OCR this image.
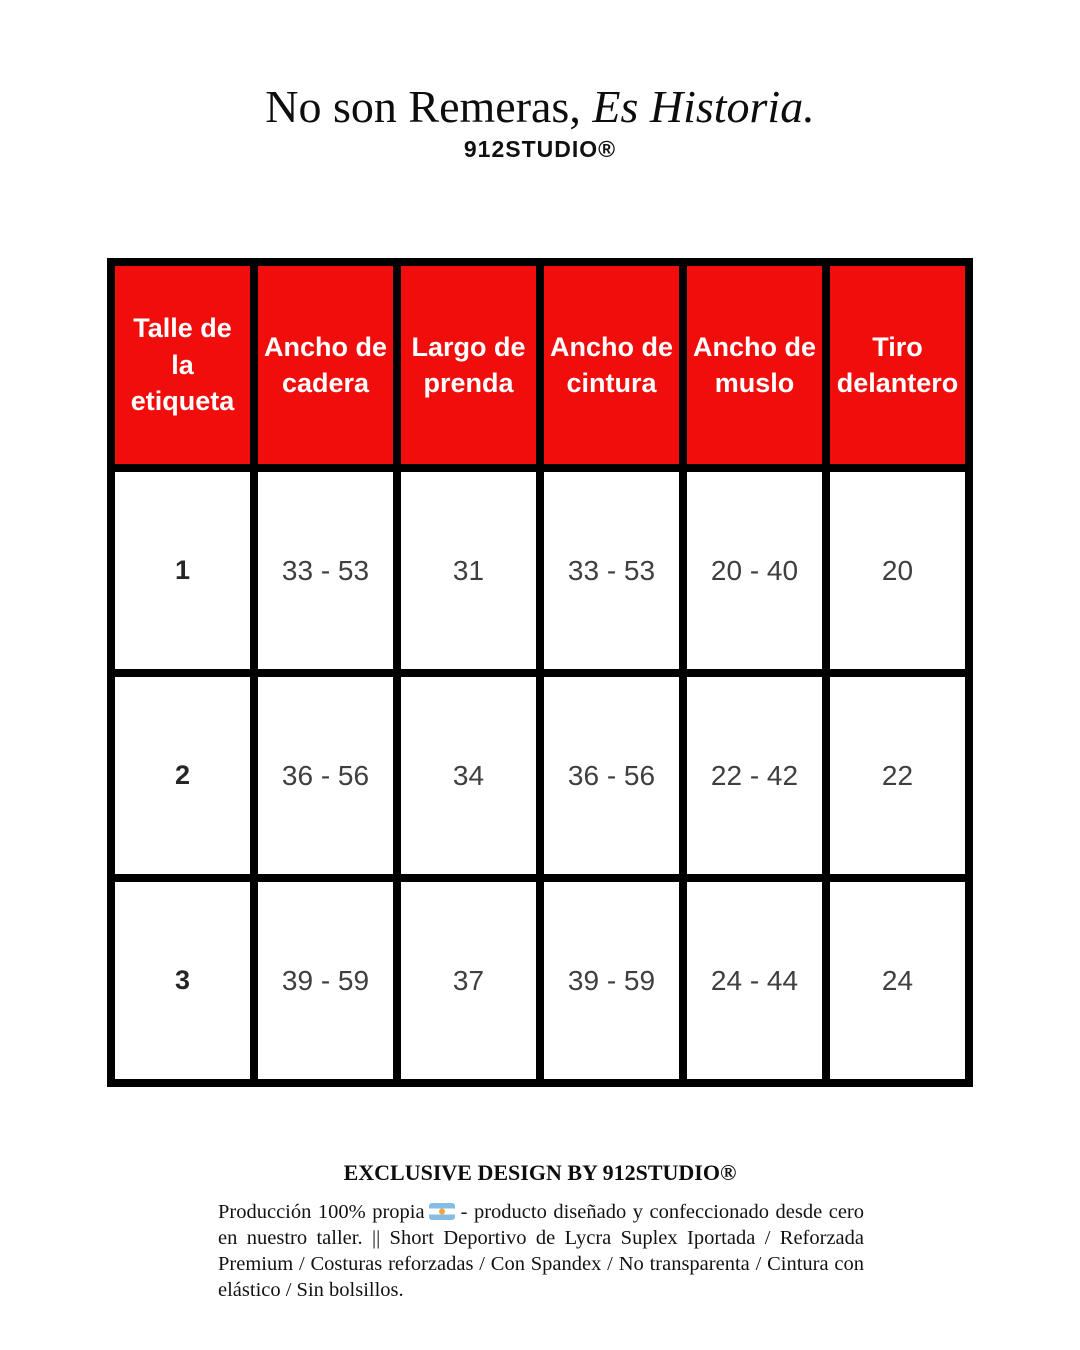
No son Remeras, Es Historia.
912STUDIO®
Talle de la etiqueta	Ancho de cadera	Largo de prenda	Ancho de cintura	Ancho de muslo	Tiro delantero
1	33 - 53	31	33 - 53	20 - 40	20
2	36 - 56	34	36 - 56	22 - 42	22
3	39 - 59	37	39 - 59	24 - 44	24
EXCLUSIVE DESIGN BY 912STUDIO®

Producción 100% propia - producto diseñado y confeccionado desde cero en nuestro taller. || Short Deportivo de Lycra Suplex Iportada / Reforzada Premium / Costuras reforzadas / Con Spandex / No transparenta / Cintura con elástico / Sin bolsillos.
